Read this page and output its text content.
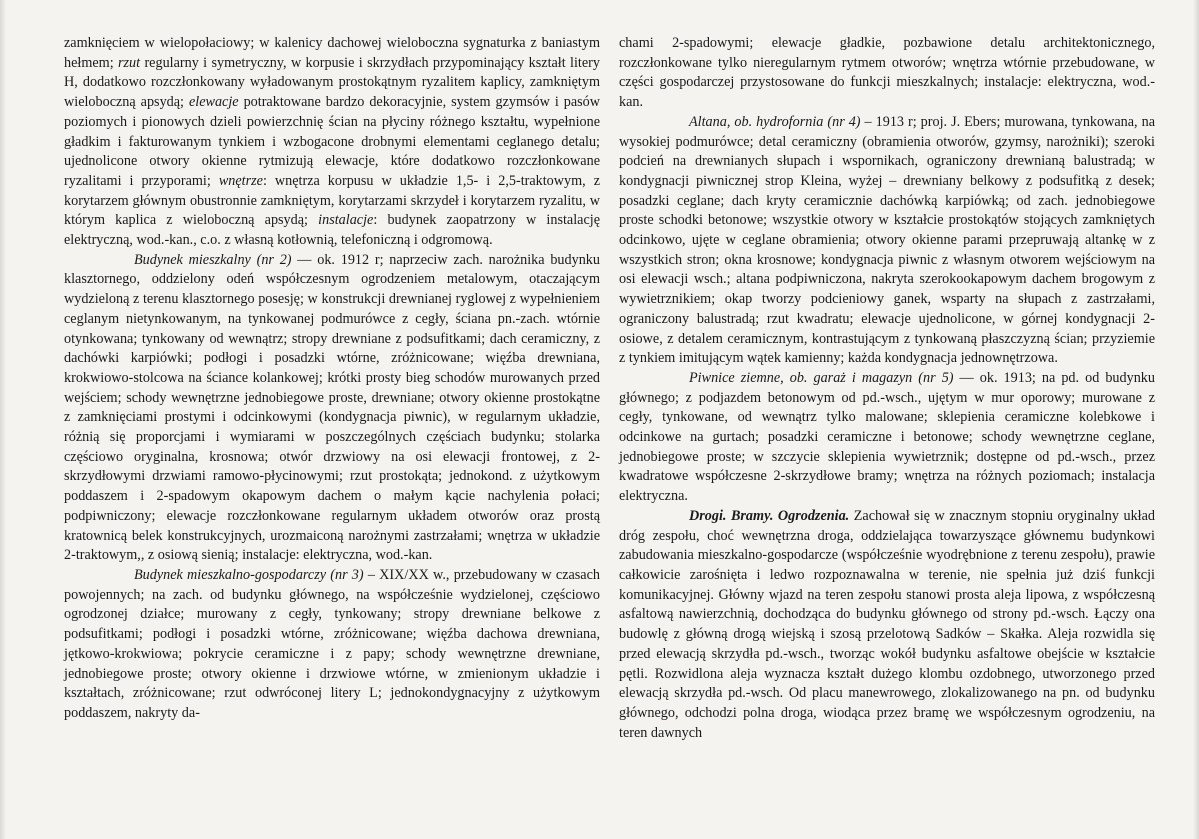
zamknięciem w wielopołaciowy; w kalenicy dachowej wieloboczna sygnaturka z baniastym hełmem; rzut regularny i symetryczny, w korpusie i skrzydłach przypominający kształt litery H, dodatkowo rozczłonkowany wyładowanym prostokątnym ryzalitem kaplicy, zamkniętym wieloboczną apsydą; elewacje potraktowane bardzo dekoracyjnie, system gzymsów i pasów poziomych i pionowych dzieli powierzchnię ścian na płyciny różnego kształtu, wypełnione gładkim i fakturowanym tynkiem i wzbogacone drobnymi elementami ceglanego detalu; ujednolicone otwory okienne rytmizują elewacje, które dodatkowo rozczłonkowane ryzalitami i przyporami; wnętrze: wnętrza korpusu w układzie 1,5- i 2,5-traktowym, z korytarzem głównym obustronnie zamkniętym, korytarzami skrzydeł i korytarzem ryzalitu, w którym kaplica z wieloboczną apsydą; instalacje: budynek zaopatrzony w instalację elektryczną, wod.-kan., c.o. z własną kotłownią, telefoniczną i odgromową.

Budynek mieszkalny (nr 2) — ok. 1912 r; naprzeciw zach. narożnika budynku klasztornego, oddzielony odeń współczesnym ogrodzeniem metalowym, otaczającym wydzieloną z terenu klasztornego posesję; w konstrukcji drewnianej ryglowej z wypełnieniem ceglanym nietynkowanym, na tynkowanej podmurówce z cegły, ściana pn.-zach. wtórnie otynkowana; tynkowany od wewnątrz; stropy drewniane z podsufitkami; dach ceramiczny, z dachówki karpiówki; podłogi i posadzki wtórne, zróżnicowane; więźba drewniana, krokwiowo-stolcowa na ściance kolankowej; krótki prosty bieg schodów murowanych przed wejściem; schody wewnętrzne jednobiegowe proste, drewniane; otwory okienne prostokątne z zamknięciami prostymi i odcinkowymi (kondygnacja piwnic), w regularnym układzie, różnią się proporcjami i wymiarami w poszczególnych częściach budynku; stolarka częściowo oryginalna, krosnowa; otwór drzwiowy na osi elewacji frontowej, z 2-skrzydłowymi drzwiami ramowo-płycinowymi; rzut prostokąta; jednokond. z użytkowym poddaszem i 2-spadowym okapowym dachem o małym kącie nachylenia połaci; podpiwniczony; elewacje rozczłonkowane regularnym układem otworów oraz prostą kratownicą belek konstrukcyjnych, urozmaiconą narożnymi zastrzałami; wnętrza w układzie 2-traktowym,, z osiową sienią; instalacje: elektryczna, wod.-kan.

Budynek mieszkalno-gospodarczy (nr 3) – XIX/XX w., przebudowany w czasach powojennych; na zach. od budynku głównego, na współcześnie wydzielonej, częściowo ogrodzonej działce; murowany z cegły, tynkowany; stropy drewniane belkowe z podsufitkami; podłogi i posadzki wtórne, zróżnicowane; więźba dachowa drewniana, jętkowo-krokwiowa; pokrycie ceramiczne i z papy; schody wewnętrzne drewniane, jednobiegowe proste; otwory okienne i drzwiowe wtórne, w zmienionym układzie i kształtach, zróżnicowane; rzut odwróconej litery L; jednokondygnacyjny z użytkowym poddaszem, nakryty da-

chami 2-spadowymi; elewacje gładkie, pozbawione detalu architektonicznego, rozczłonkowane tylko nieregularnym rytmem otworów; wnętrza wtórnie przebudowane, w części gospodarczej przystosowane do funkcji mieszkalnych; instalacje: elektryczna, wod.-kan.

Altana, ob. hydrofornia (nr 4) – 1913 r; proj. J. Ebers; murowana, tynkowana, na wysokiej podmurówce; detal ceramiczny (obramienia otworów, gzymsy, narożniki); szeroki podcień na drewnianych słupach i wspornikach, ograniczony drewnianą balustradą; w kondygnacji piwnicznej strop Kleina, wyżej – drewniany belkowy z podsufitką z desek; posadzki ceglane; dach kryty ceramicznie dachówką karpiówką; od zach. jednobiegowe proste schodki betonowe; wszystkie otwory w kształcie prostokątów stojących zamkniętych odcinkowo, ujęte w ceglane obramienia; otwory okienne parami przepruwają altankę w z wszystkich stron; okna krosnowe; kondygnacja piwnic z własnym otworem wejściowym na osi elewacji wsch.; altana podpiwniczona, nakryta szerokookapowym dachem brogowym z wywietrznikiem; okap tworzy podcieniowy ganek, wsparty na słupach z zastrzałami, ograniczony balustradą; rzut kwadratu; elewacje ujednolicone, w górnej kondygnacji 2-osiowe, z detalem ceramicznym, kontrastującym z tynkowaną płaszczyzną ścian; przyziemie z tynkiem imitującym wątek kamienny; każda kondygnacja jednownętrzowa.

Piwnice ziemne, ob. garaż i magazyn (nr 5) — ok. 1913; na pd. od budynku głównego; z podjazdem betonowym od pd.-wsch., ujętym w mur oporowy; murowane z cegły, tynkowane, od wewnątrz tylko malowane; sklepienia ceramiczne kolebkowe i odcinkowe na gurtach; posadzki ceramiczne i betonowe; schody wewnętrzne ceglane, jednobiegowe proste; w szczycie sklepienia wywietrznik; dostępne od pd.-wsch., przez kwadratowe współczesne 2-skrzydłowe bramy; wnętrza na różnych poziomach; instalacja elektryczna.

Drogi. Bramy. Ogrodzenia. Zachował się w znacznym stopniu oryginalny układ dróg zespołu, choć wewnętrzna droga, oddzielająca towarzyszące głównemu budynkowi zabudowania mieszkalno-gospodarcze (współcześnie wyodrębnione z terenu zespołu), prawie całkowicie zarośnięta i ledwo rozpoznawalna w terenie, nie spełnia już dziś funkcji komunikacyjnej. Główny wjazd na teren zespołu stanowi prosta aleja lipowa, z współczesną asfaltową nawierzchnią, dochodząca do budynku głównego od strony pd.-wsch. Łączy ona budowlę z główną drogą wiejską i szosą przelotową Sadków – Skałka. Aleja rozwidla się przed elewacją skrzydła pd.-wsch., tworząc wokół budynku asfaltowe obejście w kształcie pętli. Rozwidlona aleja wyznacza kształt dużego klombu ozdobnego, utworzonego przed elewacją skrzydła pd.-wsch. Od placu manewrowego, zlokalizowanego na pn. od budynku głównego, odchodzi polna droga, wiodąca przez bramę we współczesnym ogrodzeniu, na teren dawnych
